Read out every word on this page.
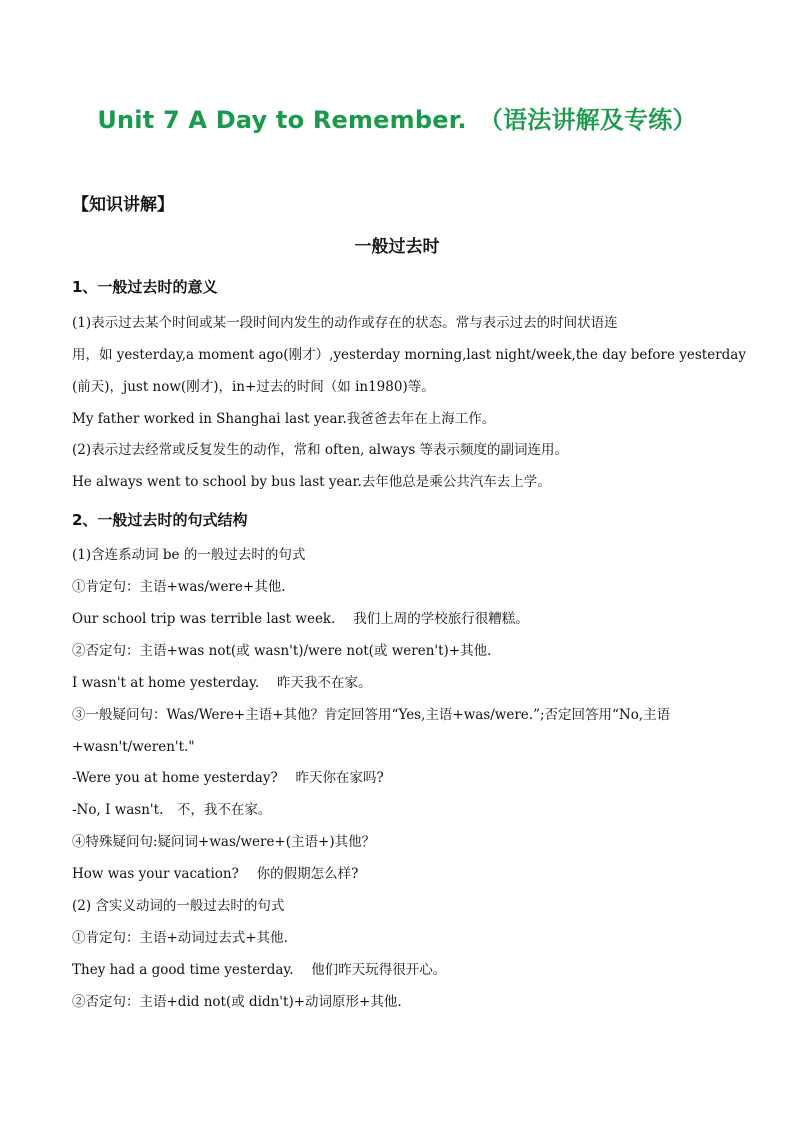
Unit 7 A Day to Remember.　（语法讲解及专练）
【知识讲解】
一般过去时
1、一般过去时的意义
(1)表示过去某个时间或某一段时间内发生的动作或存在的状态。常与表示过去的时间状语连
用，如 yesterday,a moment ago(刚才）,yesterday morning,last night/week,the day before yesterday
(前天)，just now(刚才)，in+过去的时间（如 in1980)等。
My father worked in Shanghai last year.我爸爸去年在上海工作。
(2)表示过去经常或反复发生的动作，常和 often, always 等表示频度的副词连用。
He always went to school by bus last year.去年他总是乘公共汽车去上学。
2、一般过去时的句式结构
(1)含连系动词 be 的一般过去时的句式
①肯定句：主语+was/were+其他.
Our school trip was terrible last week.　 我们上周的学校旅行很糟糕。
②否定句：主语+was not(或 wasn't)/were not(或 weren't)+其他.
I wasn't at home yesterday.　 昨天我不在家。
③一般疑问句：Was/Were+主语+其他？肯定回答用“Yes,主语+was/were.”;否定回答用“No,主语
+wasn't/weren't."
-Were you at home yesterday?　 昨天你在家吗?
-No, I wasn't.　不，我不在家。
④特殊疑问句:疑问词+was/were+(主语+)其他？
How was your vacation?　 你的假期怎么样?
(2) 含实义动词的一般过去时的句式
①肯定句：主语+动词过去式+其他.
They had a good time yesterday.　 他们昨天玩得很开心。
②否定句：主语+did not(或 didn't)+动词原形+其他.
